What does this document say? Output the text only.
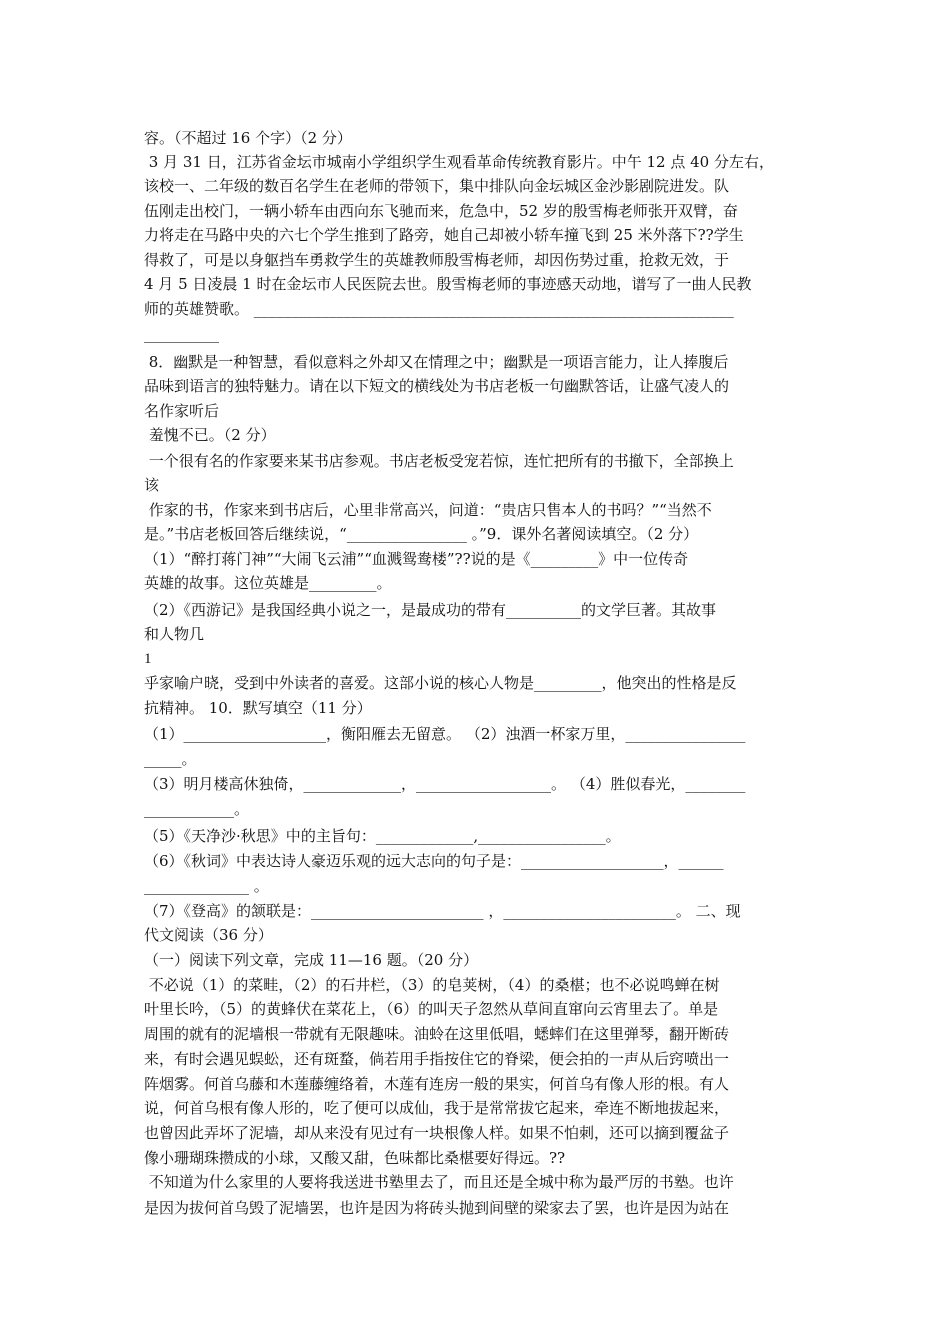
容。（不超过 16 个字）（2 分）
3 月 31 日，江苏省金坛市城南小学组织学生观看革命传统教育影片。中午 12 点 40 分左右，
该校一、二年级的数百名学生在老师的带领下，集中排队向金坛城区金沙影剧院进发。队
伍刚走出校门，一辆小轿车由西向东飞驰而来，危急中，52 岁的殷雪梅老师张开双臂，奋
力将走在马路中央的六七个学生推到了路旁，她自己却被小轿车撞飞到 25 米外落下??学生
得救了，可是以身躯挡车勇救学生的英雄教师殷雪梅老师，却因伤势过重，抢救无效，于
4 月 5 日凌晨 1 时在金坛市人民医院去世。殷雪梅老师的事迹感天动地，谱写了一曲人民教
师的英雄赞歌。 ________________________________________________________________
__________
8．幽默是一种智慧，看似意料之外却又在情理之中；幽默是一项语言能力，让人捧腹后
品味到语言的独特魅力。请在以下短文的横线处为书店老板一句幽默答话，让盛气凌人的
名作家听后
羞愧不已。（2 分）
一个很有名的作家要来某书店参观。书店老板受宠若惊，连忙把所有的书撤下，全部换上
该
作家的书，作家来到书店后，心里非常高兴，问道：“贵店只售本人的书吗？”“当然不
是。”书店老板回答后继续说，“________________ 。”9．课外名著阅读填空。（2 分）
（1）“醉打蒋门神”“大闹飞云浦”“血溅鸳鸯楼”??说的是《_________》中一位传奇
英雄的故事。这位英雄是_________。
（2）《西游记》是我国经典小说之一，是最成功的带有__________的文学巨著。其故事
和人物几
1
乎家喻户晓，受到中外读者的喜爱。这部小说的核心人物是_________，他突出的性格是反
抗精神。 10．默写填空（11 分）
（1）___________________，衡阳雁去无留意。 （2）浊酒一杯家万里，________________
_____。
（3）明月楼高休独倚，_____________，__________________。 （4）胜似春光，________
____________。
（5）《天净沙·秋思》中的主旨句：_____________,_________________。
（6）《秋词》中表达诗人豪迈乐观的远大志向的句子是：___________________，______
______________ 。
（7）《登高》的颔联是：_______________________ ，_______________________。 二、现
代文阅读（36 分）
（一）阅读下列文章，完成 11—16 题。（20 分）
不必说（1）的菜畦，（2）的石井栏，（3）的皂荚树，（4）的桑椹；也不必说鸣蝉在树
叶里长吟，（5）的黄蜂伏在菜花上，（6）的叫天子忽然从草间直窜向云宵里去了。单是
周围的就有的泥墙根一带就有无限趣味。油蛉在这里低唱，蟋蟀们在这里弹琴，翻开断砖
来，有时会遇见蜈蚣，还有斑蝥，倘若用手指按住它的脊梁，便会拍的一声从后窍喷出一
阵烟雾。何首乌藤和木莲藤缠络着，木莲有连房一般的果实，何首乌有像人形的根。有人
说，何首乌根有像人形的，吃了便可以成仙，我于是常常拔它起来，牵连不断地拔起来，
也曾因此弄坏了泥墙，却从来没有见过有一块根像人样。如果不怕刺，还可以摘到覆盆子
像小珊瑚珠攒成的小球，又酸又甜，色味都比桑椹要好得远。??
不知道为什么家里的人要将我送进书塾里去了，而且还是全城中称为最严厉的书塾。也许
是因为拔何首乌毁了泥墙罢，也许是因为将砖头抛到间壁的梁家去了罢，也许是因为站在
